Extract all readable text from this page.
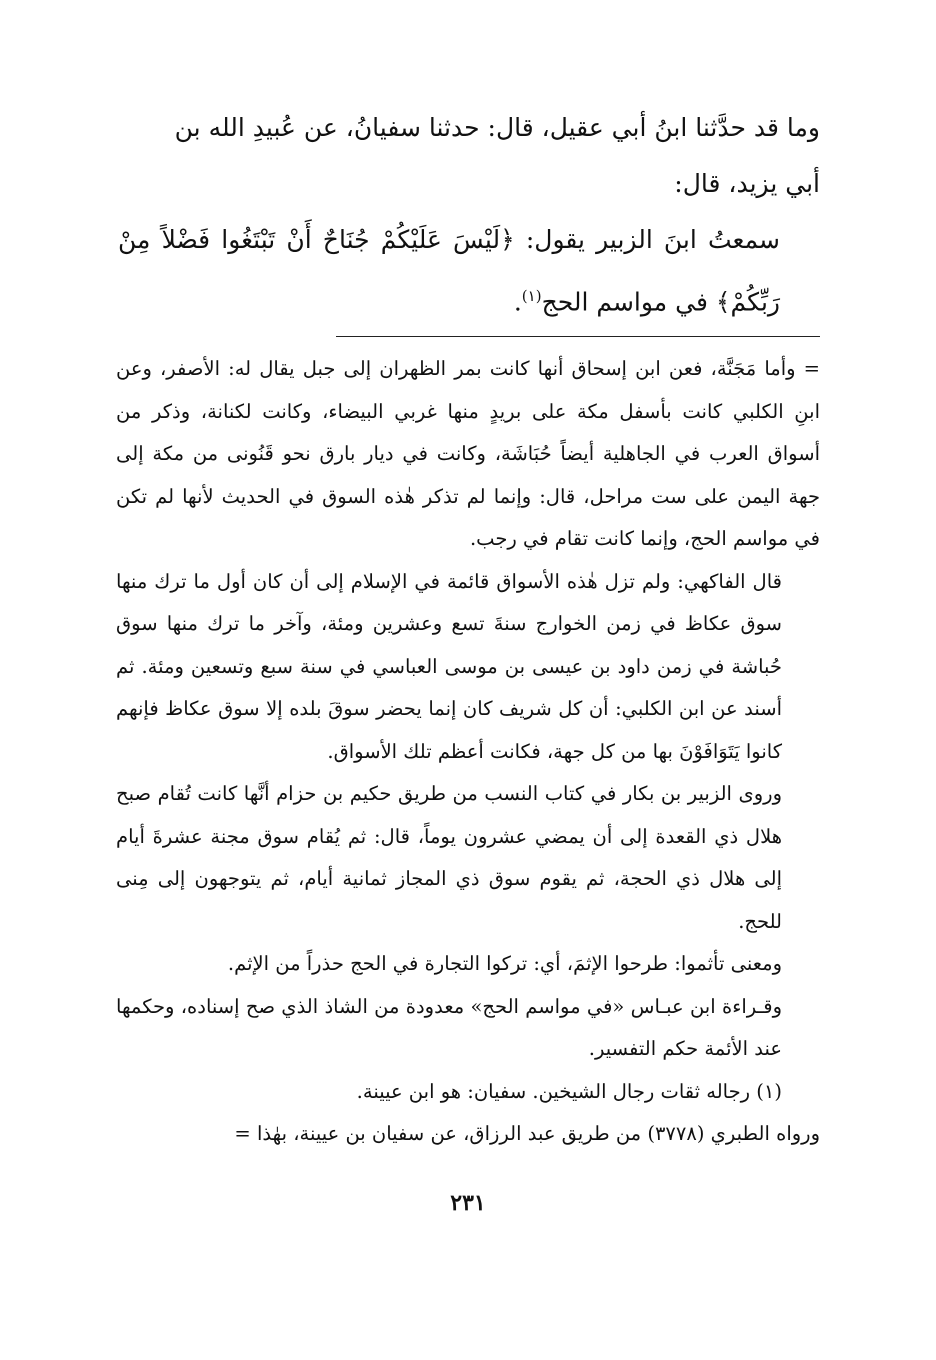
وما قد حدَّثنا ابنُ أبي عقيل، قال: حدثنا سفيانُ، عن عُبيدِ الله بن

أبي يزيد، قال:

سمعتُ ابنَ الزبير يقول: ﴿لَيْسَ عَلَيْكُمْ جُنَاحٌ أَنْ تَبْتَغُوا فَضْلاً مِنْ رَبِّكُمْ﴾ في مواسم الحج$^{(١)}$.

= وأما مَجَنَّة، فعن ابن إسحاق أنها كانت بمر الظهران إلى جبل يقال له: الأصفر، وعن ابنِ الكلبي كانت بأسفل مكة على بريدٍ منها غربي البيضاء، وكانت لكنانة، وذكر من أسواق العرب في الجاهلية أيضاً حُبَاشَة، وكانت في ديار بارق نحو قَنُونى من مكة إلى جهة اليمن على ست مراحل، قال: وإنما لم تذكر هٰذه السوق في الحديث لأنها لم تكن في مواسم الحج، وإنما كانت تقام في رجب.

قال الفاكهي: ولم تزل هٰذه الأسواق قائمة في الإسلام إلى أن كان أول ما ترك منها سوق عكاظ في زمن الخوارج سنةَ تسع وعشرين ومئة، وآخر ما ترك منها سوق حُباشة في زمن داود بن عيسى بن موسى العباسي في سنة سبع وتسعين ومئة. ثم أسند عن ابن الكلبي: أن كل شريف كان إنما يحضر سوقَ بلده إلا سوق عكاظ فإنهم كانوا يَتَوَافَوْنَ بها من كل جهة، فكانت أعظم تلك الأسواق.

وروى الزبير بن بكار في كتاب النسب من طريق حكيم بن حزام أنَّها كانت تُقام صبح هلال ذي القعدة إلى أن يمضي عشرون يوماً، قال: ثم يُقام سوق مجنة عشرةَ أيام إلى هلال ذي الحجة، ثم يقوم سوق ذي المجاز ثمانية أيام، ثم يتوجهون إلى مِنى للحج.

ومعنى تأثموا: طرحوا الإثمَ، أي: تركوا التجارة في الحج حذراً من الإثم.

وقـراءة ابن عبـاس «في مواسم الحج» معدودة من الشاذ الذي صح إسناده، وحكمها عند الأئمة حكم التفسير.

(١) رجاله ثقات رجال الشيخين. سفيان: هو ابن عيينة.

ورواه الطبري (٣٧٧٨) من طريق عبد الرزاق، عن سفيان بن عيينة، بهٰذا =

٢٣١
